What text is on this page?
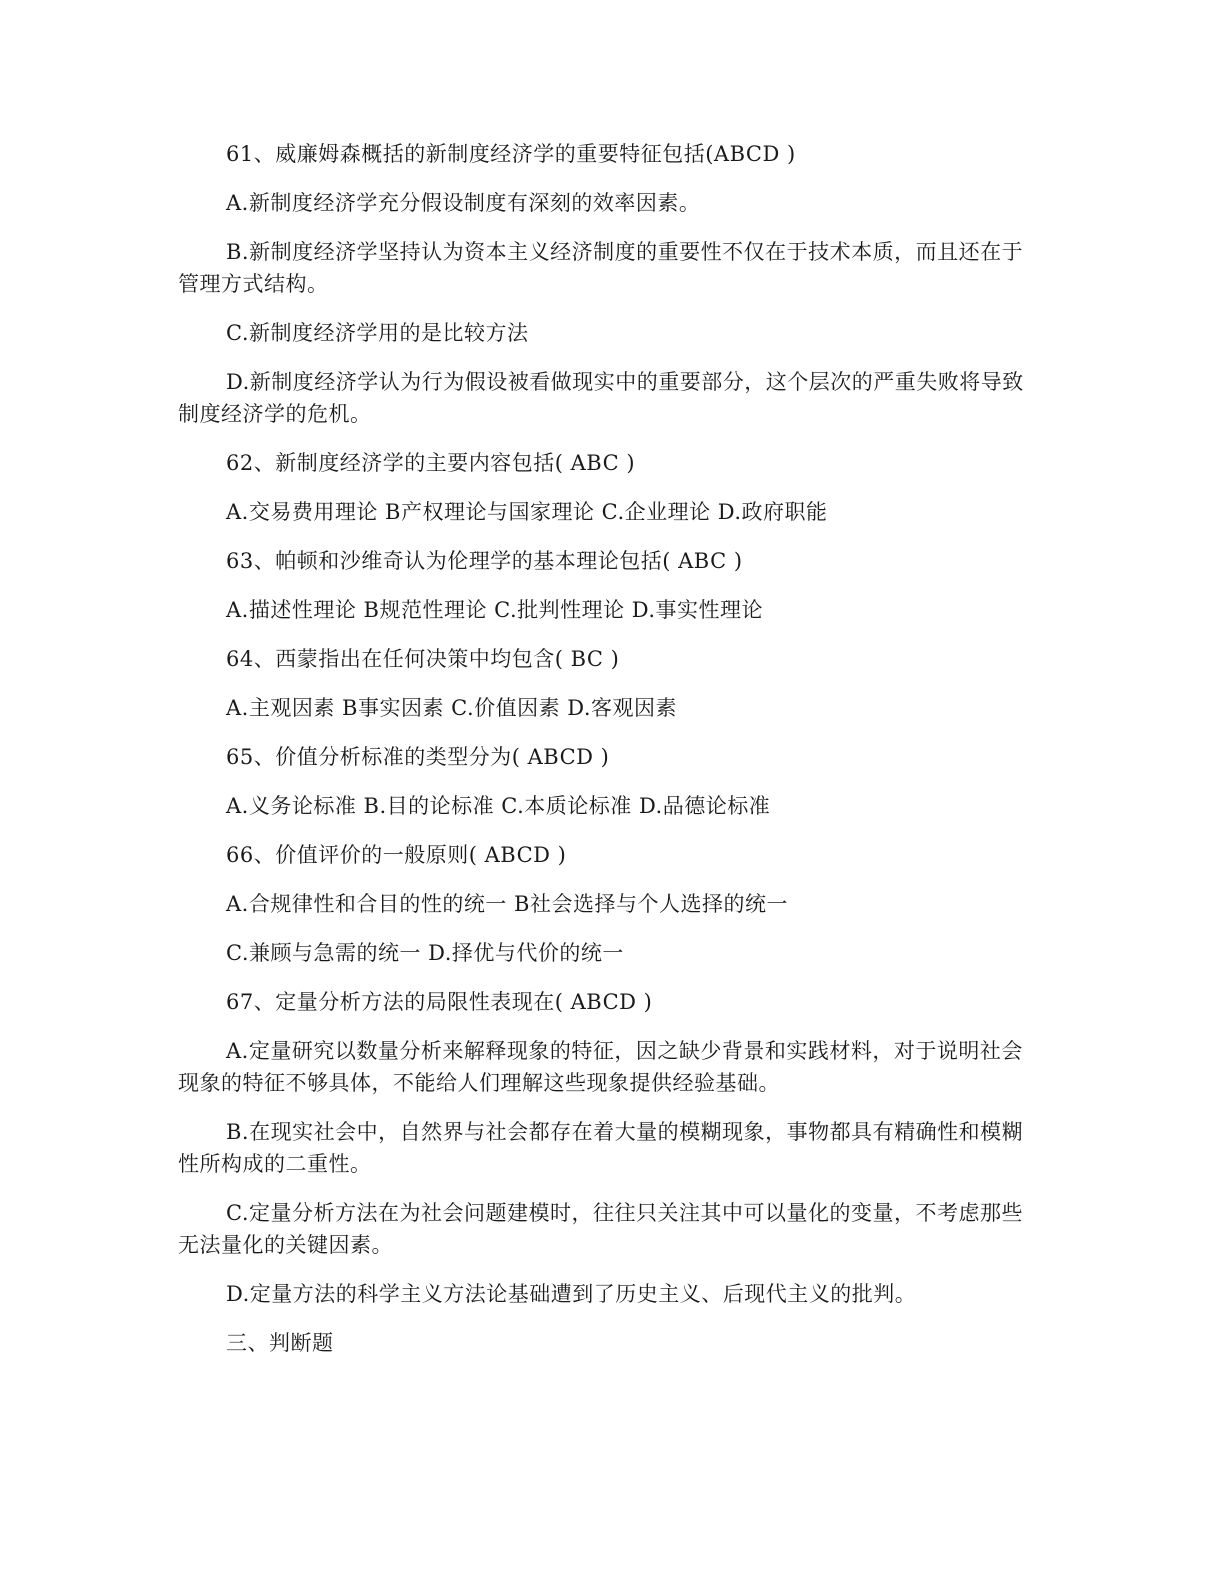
61、威廉姆森概括的新制度经济学的重要特征包括(ABCD )

A.新制度经济学充分假设制度有深刻的效率因素。

B.新制度经济学坚持认为资本主义经济制度的重要性不仅在于技术本质，而且还在于管理方式结构。

C.新制度经济学用的是比较方法

D.新制度经济学认为行为假设被看做现实中的重要部分，这个层次的严重失败将导致制度经济学的危机。

62、新制度经济学的主要内容包括( ABC )

A.交易费用理论 B产权理论与国家理论 C.企业理论 D.政府职能

63、帕顿和沙维奇认为伦理学的基本理论包括( ABC )

A.描述性理论 B规范性理论 C.批判性理论 D.事实性理论

64、西蒙指出在任何决策中均包含( BC )

A.主观因素 B事实因素 C.价值因素 D.客观因素

65、价值分析标准的类型分为( ABCD )

A.义务论标准 B.目的论标准 C.本质论标准 D.品德论标准

66、价值评价的一般原则( ABCD )

A.合规律性和合目的性的统一 B社会选择与个人选择的统一

C.兼顾与急需的统一 D.择优与代价的统一

67、定量分析方法的局限性表现在( ABCD )

A.定量研究以数量分析来解释现象的特征，因之缺少背景和实践材料，对于说明社会现象的特征不够具体，不能给人们理解这些现象提供经验基础。

B.在现实社会中，自然界与社会都存在着大量的模糊现象，事物都具有精确性和模糊性所构成的二重性。

C.定量分析方法在为社会问题建模时，往往只关注其中可以量化的变量，不考虑那些无法量化的关键因素。

D.定量方法的科学主义方法论基础遭到了历史主义、后现代主义的批判。

三、判断题
